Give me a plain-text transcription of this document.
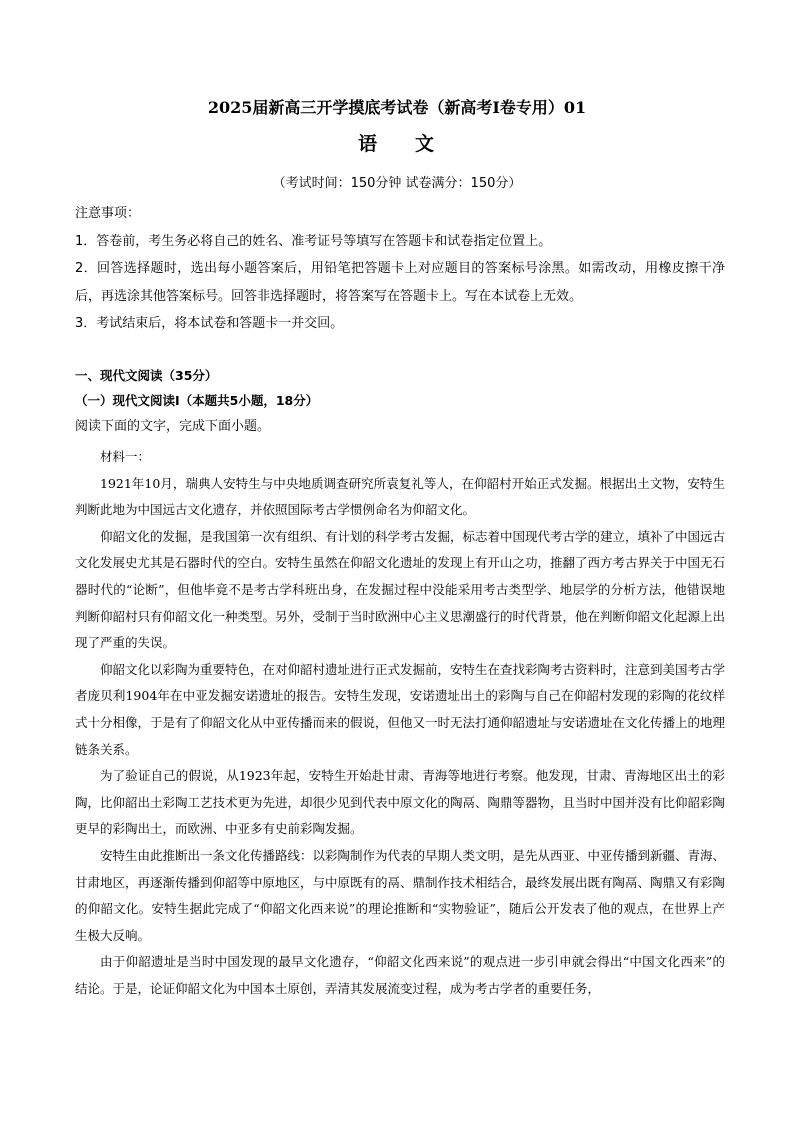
2025届新高三开学摸底考试卷（新高考Ⅰ卷专用）01
语 文
（考试时间：150分钟 试卷满分：150分）

注意事项：

1．答卷前，考生务必将自己的姓名、准考证号等填写在答题卡和试卷指定位置上。

2．回答选择题时，选出每小题答案后，用铅笔把答题卡上对应题目的答案标号涂黑。如需改动，用橡皮擦干净后，再选涂其他答案标号。回答非选择题时，将答案写在答题卡上。写在本试卷上无效。

3．考试结束后，将本试卷和答题卡一并交回。

一、现代文阅读（35分）
（一）现代文阅读Ⅰ（本题共5小题，18分）
阅读下面的文字，完成下面小题。

材料一：

1921年10月，瑞典人安特生与中央地质调查研究所袁复礼等人，在仰韶村开始正式发掘。根据出土文物，安特生判断此地为中国远古文化遗存，并依照国际考古学惯例命名为仰韶文化。

仰韶文化的发掘，是我国第一次有组织、有计划的科学考古发掘，标志着中国现代考古学的建立，填补了中国远古文化发展史尤其是石器时代的空白。安特生虽然在仰韶文化遗址的发现上有开山之功，推翻了西方考古界关于中国无石器时代的“论断”，但他毕竟不是考古学科班出身，在发掘过程中没能采用考古类型学、地层学的分析方法，他错误地判断仰韶村只有仰韶文化一种类型。另外，受制于当时欧洲中心主义思潮盛行的时代背景，他在判断仰韶文化起源上出现了严重的失误。

仰韶文化以彩陶为重要特色，在对仰韶村遗址进行正式发掘前，安特生在查找彩陶考古资料时，注意到美国考古学者庞贝利1904年在中亚发掘安诺遗址的报告。安特生发现，安诺遗址出土的彩陶与自己在仰韶村发现的彩陶的花纹样式十分相像，于是有了仰韶文化从中亚传播而来的假说，但他又一时无法打通仰韶遗址与安诺遗址在文化传播上的地理链条关系。

为了验证自己的假说，从1923年起，安特生开始赴甘肃、青海等地进行考察。他发现，甘肃、青海地区出土的彩陶，比仰韶出土彩陶工艺技术更为先进，却很少见到代表中原文化的陶鬲、陶鼎等器物，且当时中国并没有比仰韶彩陶更早的彩陶出土，而欧洲、中亚多有史前彩陶发掘。

安特生由此推断出一条文化传播路线：以彩陶制作为代表的早期人类文明，是先从西亚、中亚传播到新疆、青海、甘肃地区，再逐渐传播到仰韶等中原地区，与中原既有的鬲、鼎制作技术相结合，最终发展出既有陶鬲、陶鼎又有彩陶的仰韶文化。安特生据此完成了“仰韶文化西来说”的理论推断和“实物验证”，随后公开发表了他的观点，在世界上产生极大反响。

由于仰韶遗址是当时中国发现的最早文化遗存，“仰韶文化西来说”的观点进一步引申就会得出“中国文化西来”的结论。于是，论证仰韶文化为中国本土原创，弄清其发展流变过程，成为考古学者的重要任务，
